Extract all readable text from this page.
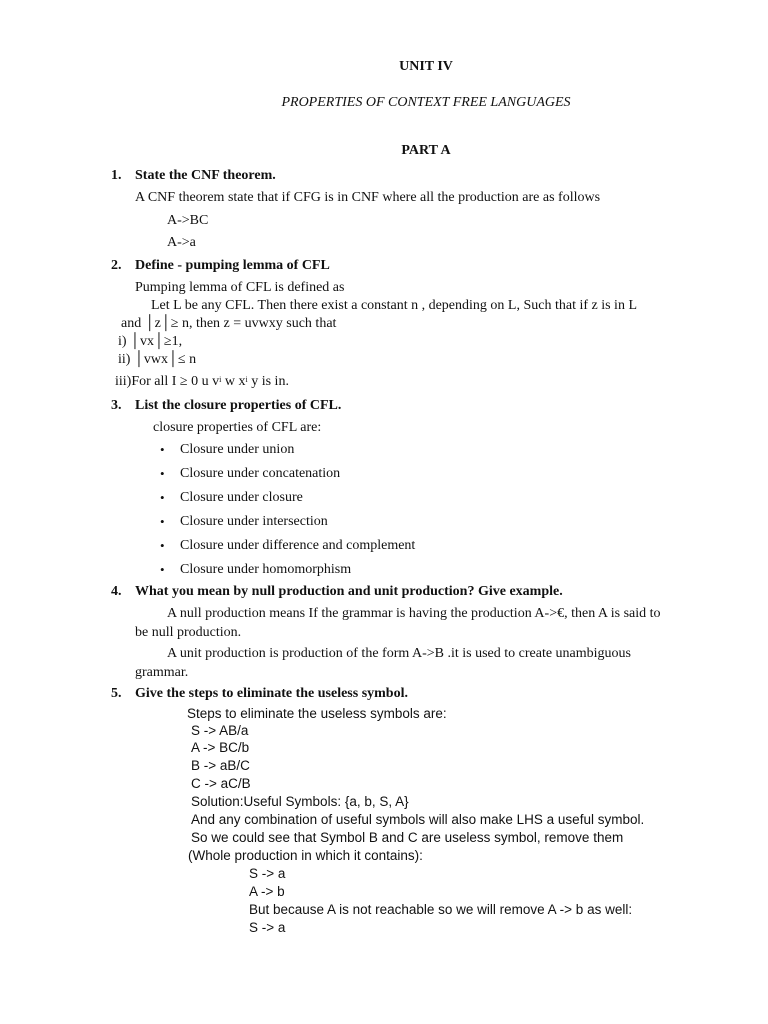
UNIT IV
PROPERTIES OF CONTEXT FREE LANGUAGES
PART A
1. State the CNF theorem.
A CNF theorem state that if CFG is in CNF where all the production are as follows
A->BC
A->a
2. Define - pumping lemma of CFL
Pumping lemma of CFL is defined as
Let L be any CFL. Then there exist a constant n , depending on L, Such that if z is in L
and │z│≥ n, then z = uvwxy such that
i) │vx│≥1,
ii) │vwx│≤ n
iii)For all I ≥ 0 u $v^i$ w $x^i$ y is in.
3. List the closure properties of CFL.
closure properties of CFL are:
• Closure under union
• Closure under concatenation
• Closure under closure
• Closure under intersection
• Closure under difference and complement
• Closure under homomorphism
4. What you mean by null production and unit production? Give example.
A null production means If the grammar is having the production A->€, then A is said to
be null production.
A unit production is production of the form A->B .it is used to create unambiguous
grammar.
5. Give the steps to eliminate the useless symbol.
Steps to eliminate the useless symbols are:
S -> AB/a
A -> BC/b
B -> aB/C
C -> aC/B
Solution:Useful Symbols: {a, b, S, A}
And any combination of useful symbols will also make LHS a useful symbol.
So we could see that Symbol B and C are useless symbol, remove them
(Whole production in which it contains):
S -> a
A -> b
But because A is not reachable so we will remove A -> b as well:
S -> a
